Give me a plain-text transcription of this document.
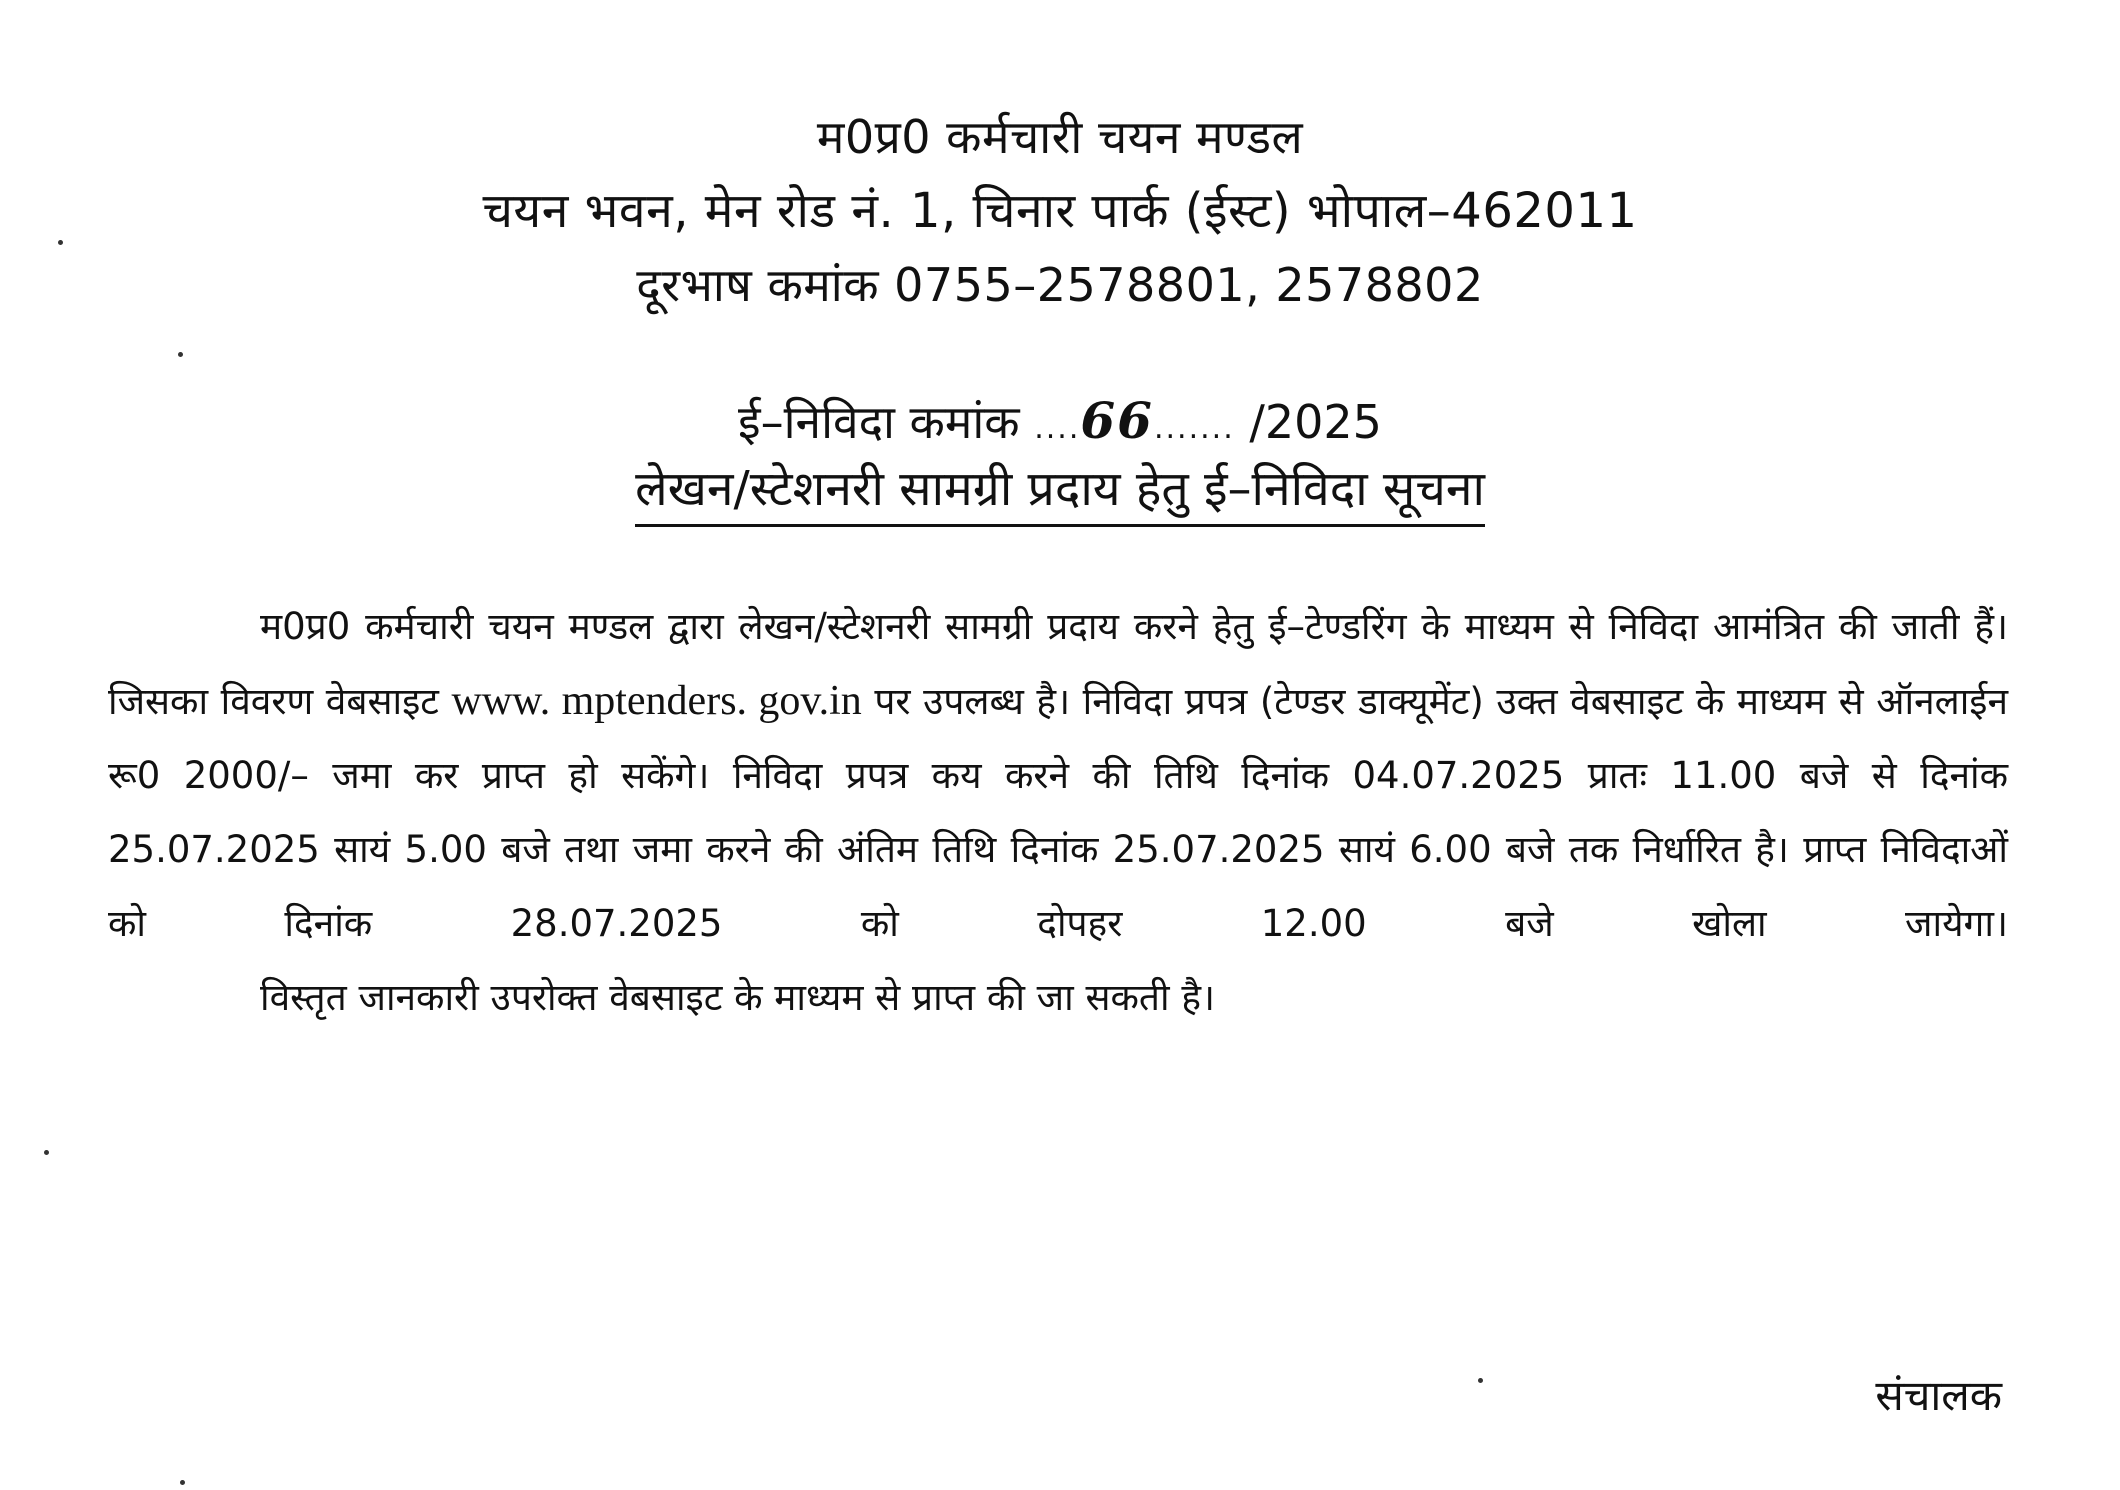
म0प्र0 कर्मचारी चयन मण्डल
चयन भवन, मेन रोड नं. 1, चिनार पार्क (ईस्ट) भोपाल–462011
दूरभाष कमांक 0755–2578801, 2578802
ई–निविदा कमांक ....66....... /2025
लेखन/स्टेशनरी सामग्री प्रदाय हेतु ई–निविदा सूचना
म0प्र0 कर्मचारी चयन मण्डल द्वारा लेखन/स्टेशनरी सामग्री प्रदाय करने हेतु ई–टेण्डरिंग के माध्यम से निविदा आमंत्रित की जाती हैं। जिसका विवरण वेबसाइट www. mptenders. gov.in पर उपलब्ध है। निविदा प्रपत्र (टेण्डर डाक्यूमेंट) उक्त वेबसाइट के माध्यम से ऑनलाईन रू0 2000/– जमा कर प्राप्त हो सकेंगे। निविदा प्रपत्र कय करने की तिथि दिनांक 04.07.2025 प्रातः 11.00 बजे से दिनांक 25.07.2025 सायं 5.00 बजे तथा जमा करने की अंतिम तिथि दिनांक 25.07.2025 सायं 6.00 बजे तक निर्धारित है। प्राप्त निविदाओं को दिनांक 28.07.2025 को दोपहर 12.00 बजे खोला जायेगा।
विस्तृत जानकारी उपरोक्त वेबसाइट के माध्यम से प्राप्त की जा सकती है।
संचालक
